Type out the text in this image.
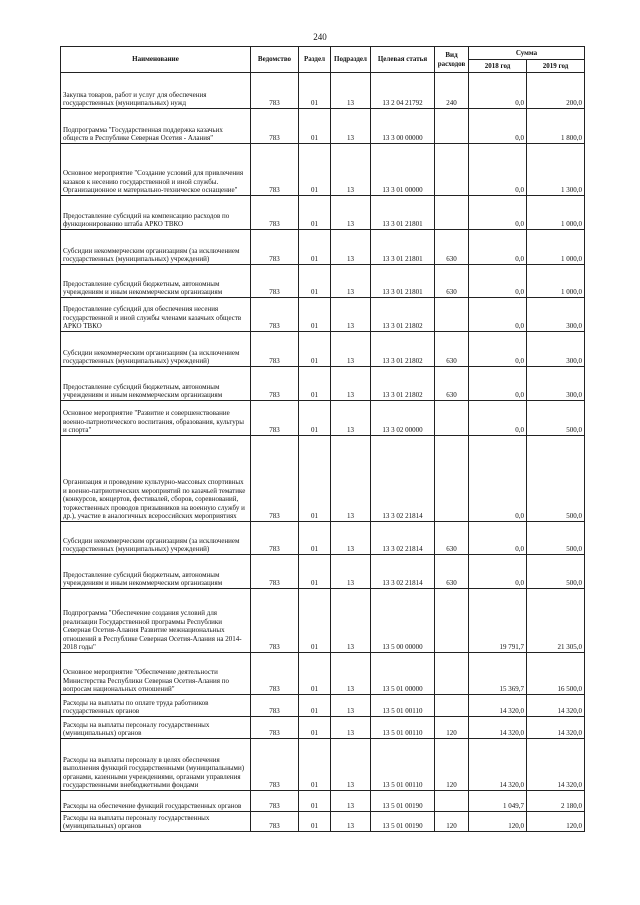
240
Наименование	Ведомство	Раздел	Подраздел	Целевая статья	Вид расходов	Сумма	
						2018 год	2019 год
Закупка товаров, работ и услуг для обеспечения государственных (муниципальных) нужд	783	01	13	13 2 04 21792	240	0,0	200,0
Подпрограмма "Государственная поддержка казачьих обществ в Республике Северная Осетия - Алания"	783	01	13	13 3 00 00000		0,0	1 800,0
Основное мероприятие "Создание условий для привлечения казаков к несению государственной и иной службы. Организационное и материально-техническое оснащение"	783	01	13	13 3 01 00000		0,0	1 300,0
Предоставление субсидий на компенсацию расходов по функционированию штаба АРКО ТВКО	783	01	13	13 3 01 21801		0,0	1 000,0
Субсидии некоммерческим организациям (за исключением государственных (муниципальных) учреждений)	783	01	13	13 3 01 21801	630	0,0	1 000,0
Предоставление субсидий бюджетным, автономным учреждениям и иным некоммерческим организациям	783	01	13	13 3 01 21801	630	0,0	1 000,0
Предоставление субсидий для обеспечения несения государственной и иной службы членами казачьих обществ АРКО ТВКО	783	01	13	13 3 01 21802		0,0	300,0
Субсидии некоммерческим организациям (за исключением государственных (муниципальных) учреждений)	783	01	13	13 3 01 21802	630	0,0	300,0
Предоставление субсидий бюджетным, автономным учреждениям и иным некоммерческим организациям	783	01	13	13 3 01 21802	630	0,0	300,0
Основное мероприятие "Развитие и совершенствование военно-патриотического воспитания, образования, культуры и спорта"	783	01	13	13 3 02 00000		0,0	500,0
Организация и проведение культурно-массовых спортивных и военно-патриотических мероприятий по казачьей тематике (конкурсов, концертов, фестивалей, сборов, соревнований, торжественных проводов призывников на военную службу и др.), участие в аналогичных всероссийских мероприятиях	783	01	13	13 3 02 21814		0,0	500,0
Субсидии некоммерческим организациям (за исключением государственных (муниципальных) учреждений)	783	01	13	13 3 02 21814	630	0,0	500,0
Предоставление субсидий бюджетным, автономным учреждениям и иным некоммерческим организациям	783	01	13	13 3 02 21814	630	0,0	500,0
Подпрограмма "Обеспечение создания условий для реализации Государственной программы Республики Северная Осетия-Алания Развитие межнациональных отношений в Республике Северная Осетия-Алания на 2014-2018 годы"	783	01	13	13 5 00 00000		19 791,7	21 305,0
Основное мероприятие "Обеспечение деятельности Министерства Республики Северная Осетия-Алания по вопросам национальных отношений"	783	01	13	13 5 01 00000		15 369,7	16 500,0
Расходы на выплаты по оплате труда работников государственных органов	783	01	13	13 5 01 00110		14 320,0	14 320,0
Расходы на выплаты персоналу государственных (муниципальных) органов	783	01	13	13 5 01 00110	120	14 320,0	14 320,0
Расходы на выплаты персоналу в целях обеспечения выполнения функций государственными (муниципальными) органами, казенными учреждениями, органами управления государственными внебюджетными фондами	783	01	13	13 5 01 00110	120	14 320,0	14 320,0
Расходы на обеспечение функций государственных органов	783	01	13	13 5 01 00190		1 049,7	2 180,0
Расходы на выплаты персоналу государственных (муниципальных) органов	783	01	13	13 5 01 00190	120	120,0	120,0
